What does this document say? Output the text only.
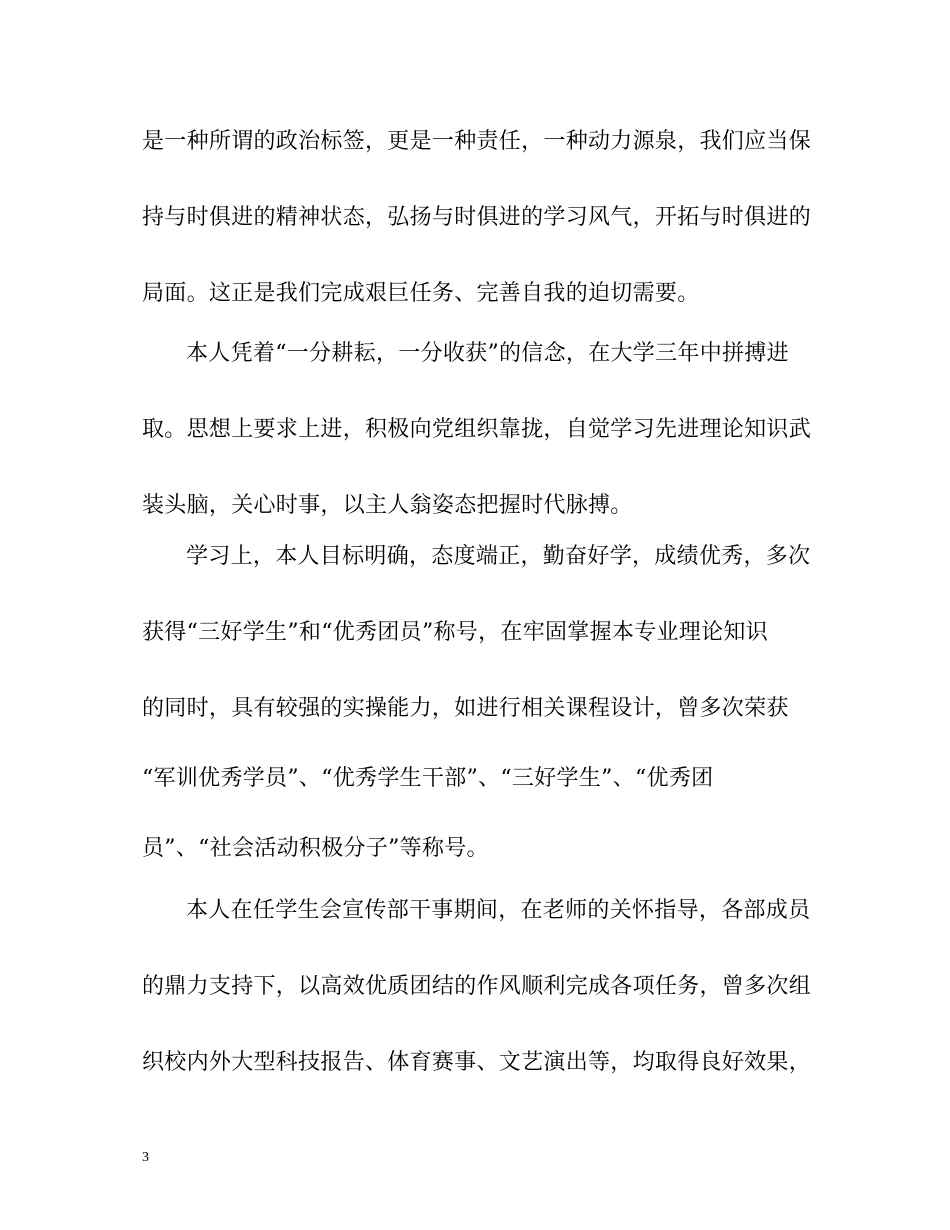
是一种所谓的政治标签，更是一种责任，一种动力源泉，我们应当保
持与时俱进的精神状态，弘扬与时俱进的学习风气，开拓与时俱进的
局面。这正是我们完成艰巨任务、完善自我的迫切需要。
本人凭着“一分耕耘，一分收获”的信念，在大学三年中拼搏进
取。思想上要求上进，积极向党组织靠拢，自觉学习先进理论知识武
装头脑，关心时事，以主人翁姿态把握时代脉搏。
学习上，本人目标明确，态度端正，勤奋好学，成绩优秀，多次
获得“三好学生”和“优秀团员”称号，在牢固掌握本专业理论知识
的同时，具有较强的实操能力，如进行相关课程设计，曾多次荣获
“军训优秀学员”、“优秀学生干部”、“三好学生”、“优秀团
员”、“社会活动积极分子”等称号。
本人在任学生会宣传部干事期间，在老师的关怀指导，各部成员
的鼎力支持下，以高效优质团结的作风顺利完成各项任务，曾多次组
织校内外大型科技报告、体育赛事、文艺演出等，均取得良好效果，
3
